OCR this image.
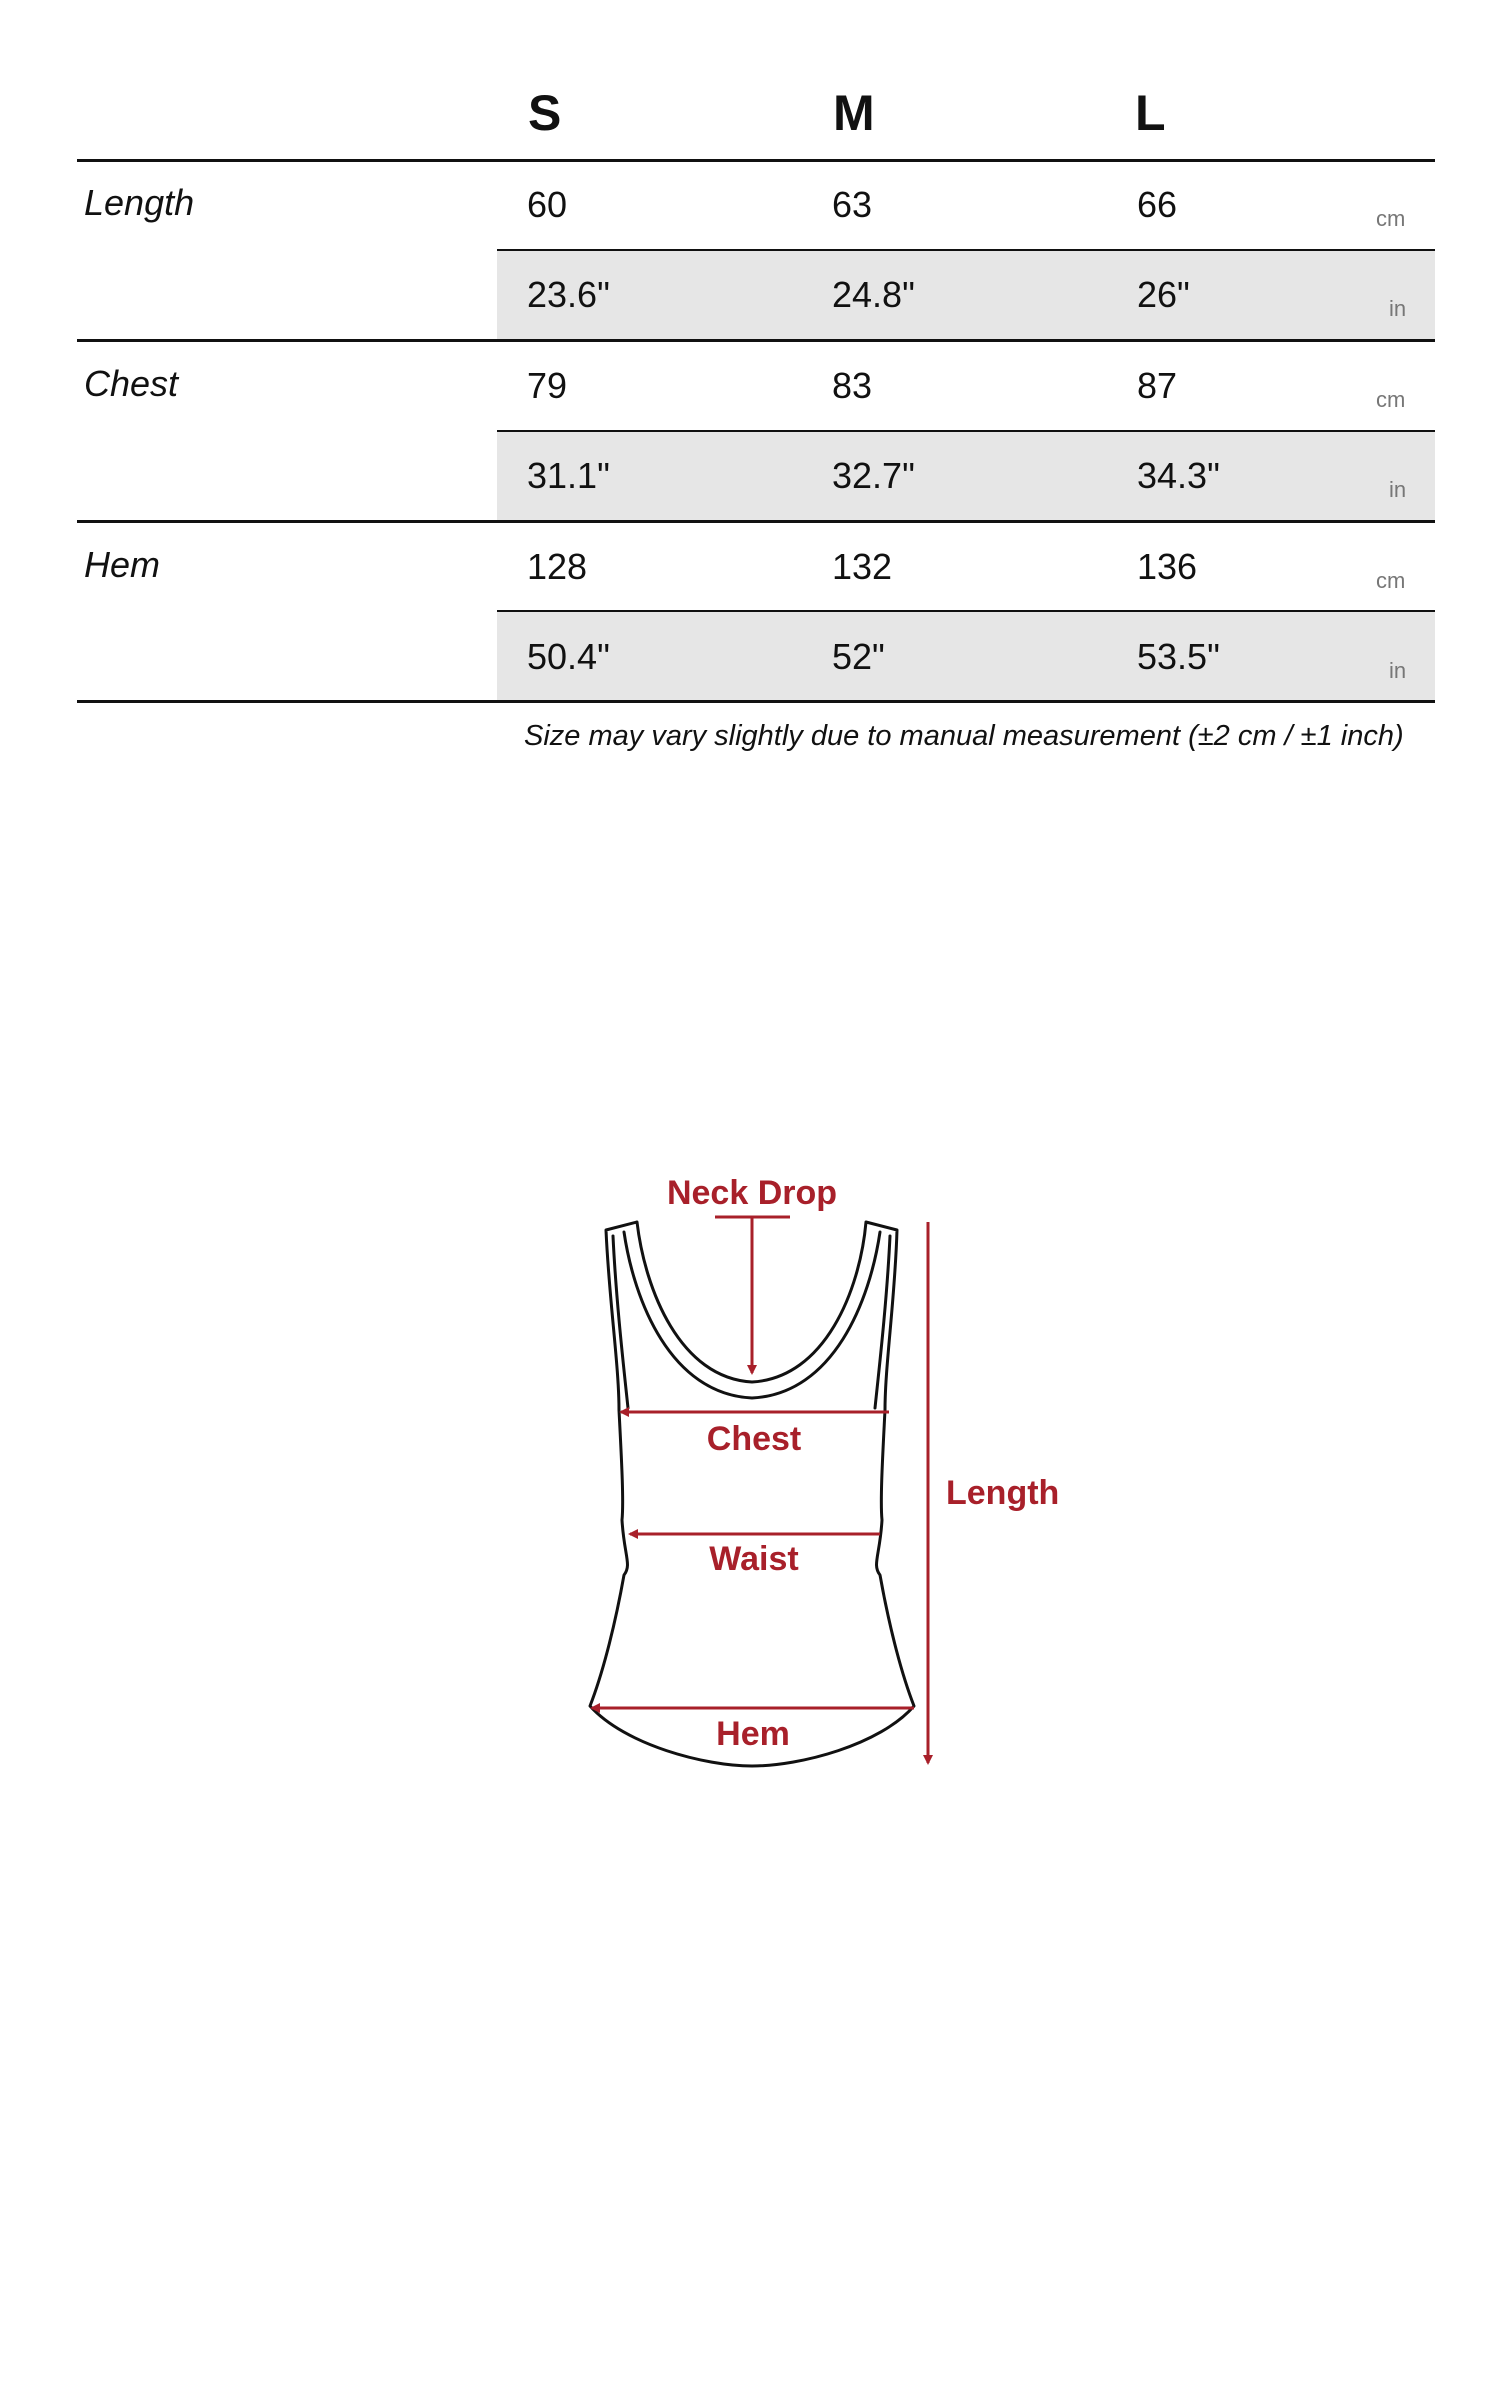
S	M	L
Length	60	63	66	cm
23.6"	24.8"	26"	in
Chest	79	83	87	cm
31.1"	32.7"	34.3"	in
Hem	128	132	136	cm
50.4"	52"	53.5"	in
Size may vary slightly due to manual measurement (±2 cm / ±1 inch)
Neck Drop
Chest
Waist
Hem
Length
